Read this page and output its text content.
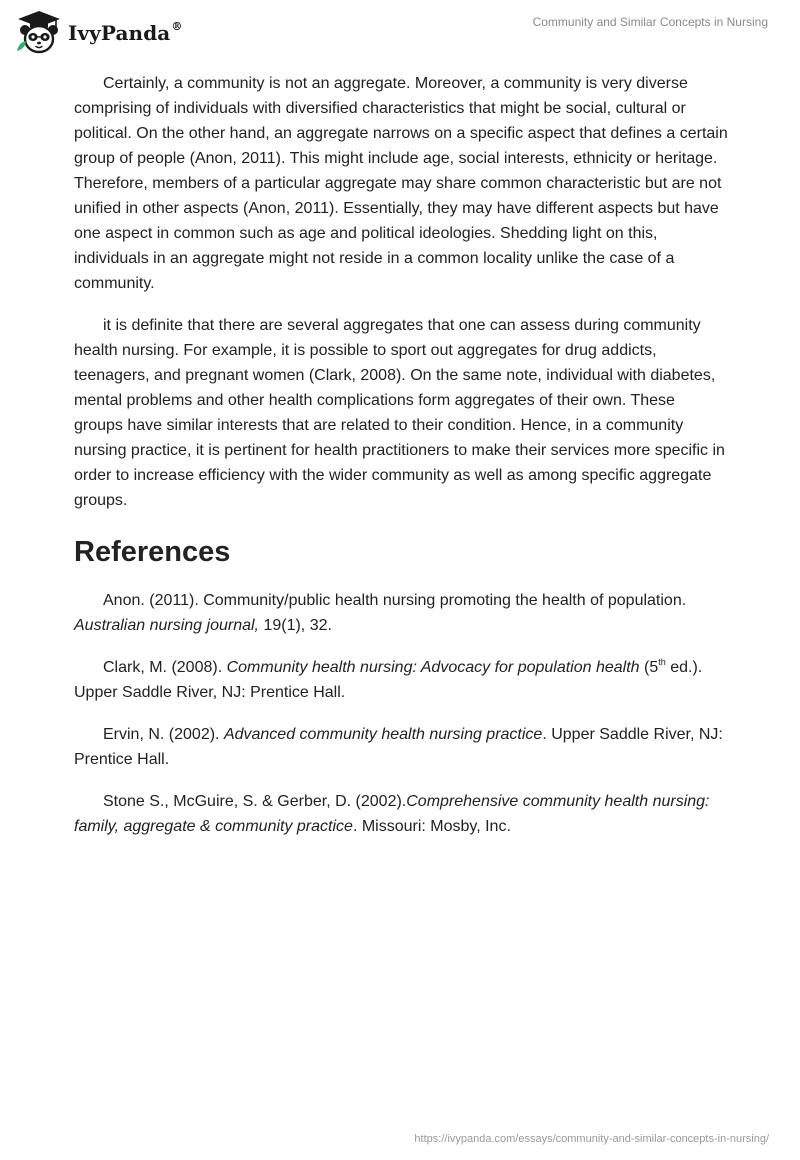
IvyPanda®	Community and Similar Concepts in Nursing

Certainly, a community is not an aggregate. Moreover, a community is very diverse comprising of individuals with diversified characteristics that might be social, cultural or political. On the other hand, an aggregate narrows on a specific aspect that defines a certain group of people (Anon, 2011). This might include age, social interests, ethnicity or heritage. Therefore, members of a particular aggregate may share common characteristic but are not unified in other aspects (Anon, 2011). Essentially, they may have different aspects but have one aspect in common such as age and political ideologies. Shedding light on this, individuals in an aggregate might not reside in a common locality unlike the case of a community.

it is definite that there are several aggregates that one can assess during community health nursing. For example, it is possible to sport out aggregates for drug addicts, teenagers, and pregnant women (Clark, 2008). On the same note, individual with diabetes, mental problems and other health complications form aggregates of their own. These groups have similar interests that are related to their condition. Hence, in a community nursing practice, it is pertinent for health practitioners to make their services more specific in order to increase efficiency with the wider community as well as among specific aggregate groups.

References

Anon. (2011). Community/public health nursing promoting the health of population. Australian nursing journal, 19(1), 32.

Clark, M. (2008). Community health nursing: Advocacy for population health (5th ed.). Upper Saddle River, NJ: Prentice Hall.

Ervin, N. (2002). Advanced community health nursing practice. Upper Saddle River, NJ: Prentice Hall.

Stone S., McGuire, S. & Gerber, D. (2002).Comprehensive community health nursing: family, aggregate & community practice. Missouri: Mosby, Inc.

https://ivypanda.com/essays/community-and-similar-concepts-in-nursing/
